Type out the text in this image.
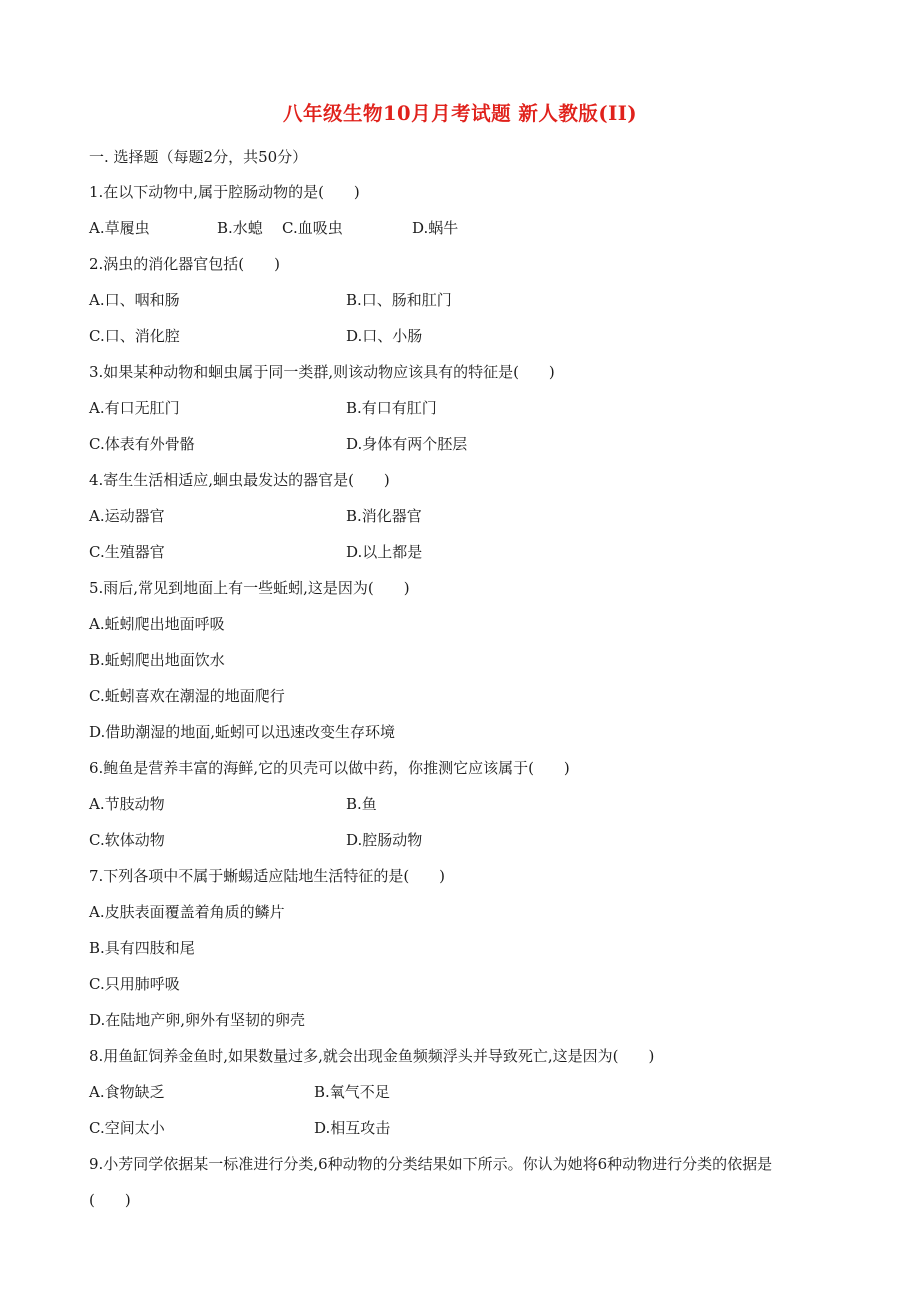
八年级生物10月月考试题 新人教版(II)
一. 选择题（每题2分，共50分）
1.在以下动物中,属于腔肠动物的是(　　)
A.草履虫	B.水螅 C.血吸虫	D.蜗牛
2.涡虫的消化器官包括(　　)
A.口、咽和肠	B.口、肠和肛门
C.口、消化腔	D.口、小肠
3.如果某种动物和蛔虫属于同一类群,则该动物应该具有的特征是(　　)
A.有口无肛门	B.有口有肛门
C.体表有外骨骼	D.身体有两个胚层
4.寄生生活相适应,蛔虫最发达的器官是(　　)
A.运动器官	B.消化器官
C.生殖器官	D.以上都是
5.雨后,常见到地面上有一些蚯蚓,这是因为(　　)
A.蚯蚓爬出地面呼吸
B.蚯蚓爬出地面饮水
C.蚯蚓喜欢在潮湿的地面爬行
D.借助潮湿的地面,蚯蚓可以迅速改变生存环境
6.鲍鱼是营养丰富的海鲜,它的贝壳可以做中药，你推测它应该属于(　　)
A.节肢动物	B.鱼
C.软体动物	D.腔肠动物
7.下列各项中不属于蜥蜴适应陆地生活特征的是(　　)
A.皮肤表面覆盖着角质的鳞片
B.具有四肢和尾
C.只用肺呼吸
D.在陆地产卵,卵外有坚韧的卵壳
8.用鱼缸饲养金鱼时,如果数量过多,就会出现金鱼频频浮头并导致死亡,这是因为(　　)
A.食物缺乏	B.氧气不足
C.空间太小	D.相互攻击
9.小芳同学依据某一标准进行分类,6种动物的分类结果如下所示。你认为她将6种动物进行分类的依据是
(　　)
